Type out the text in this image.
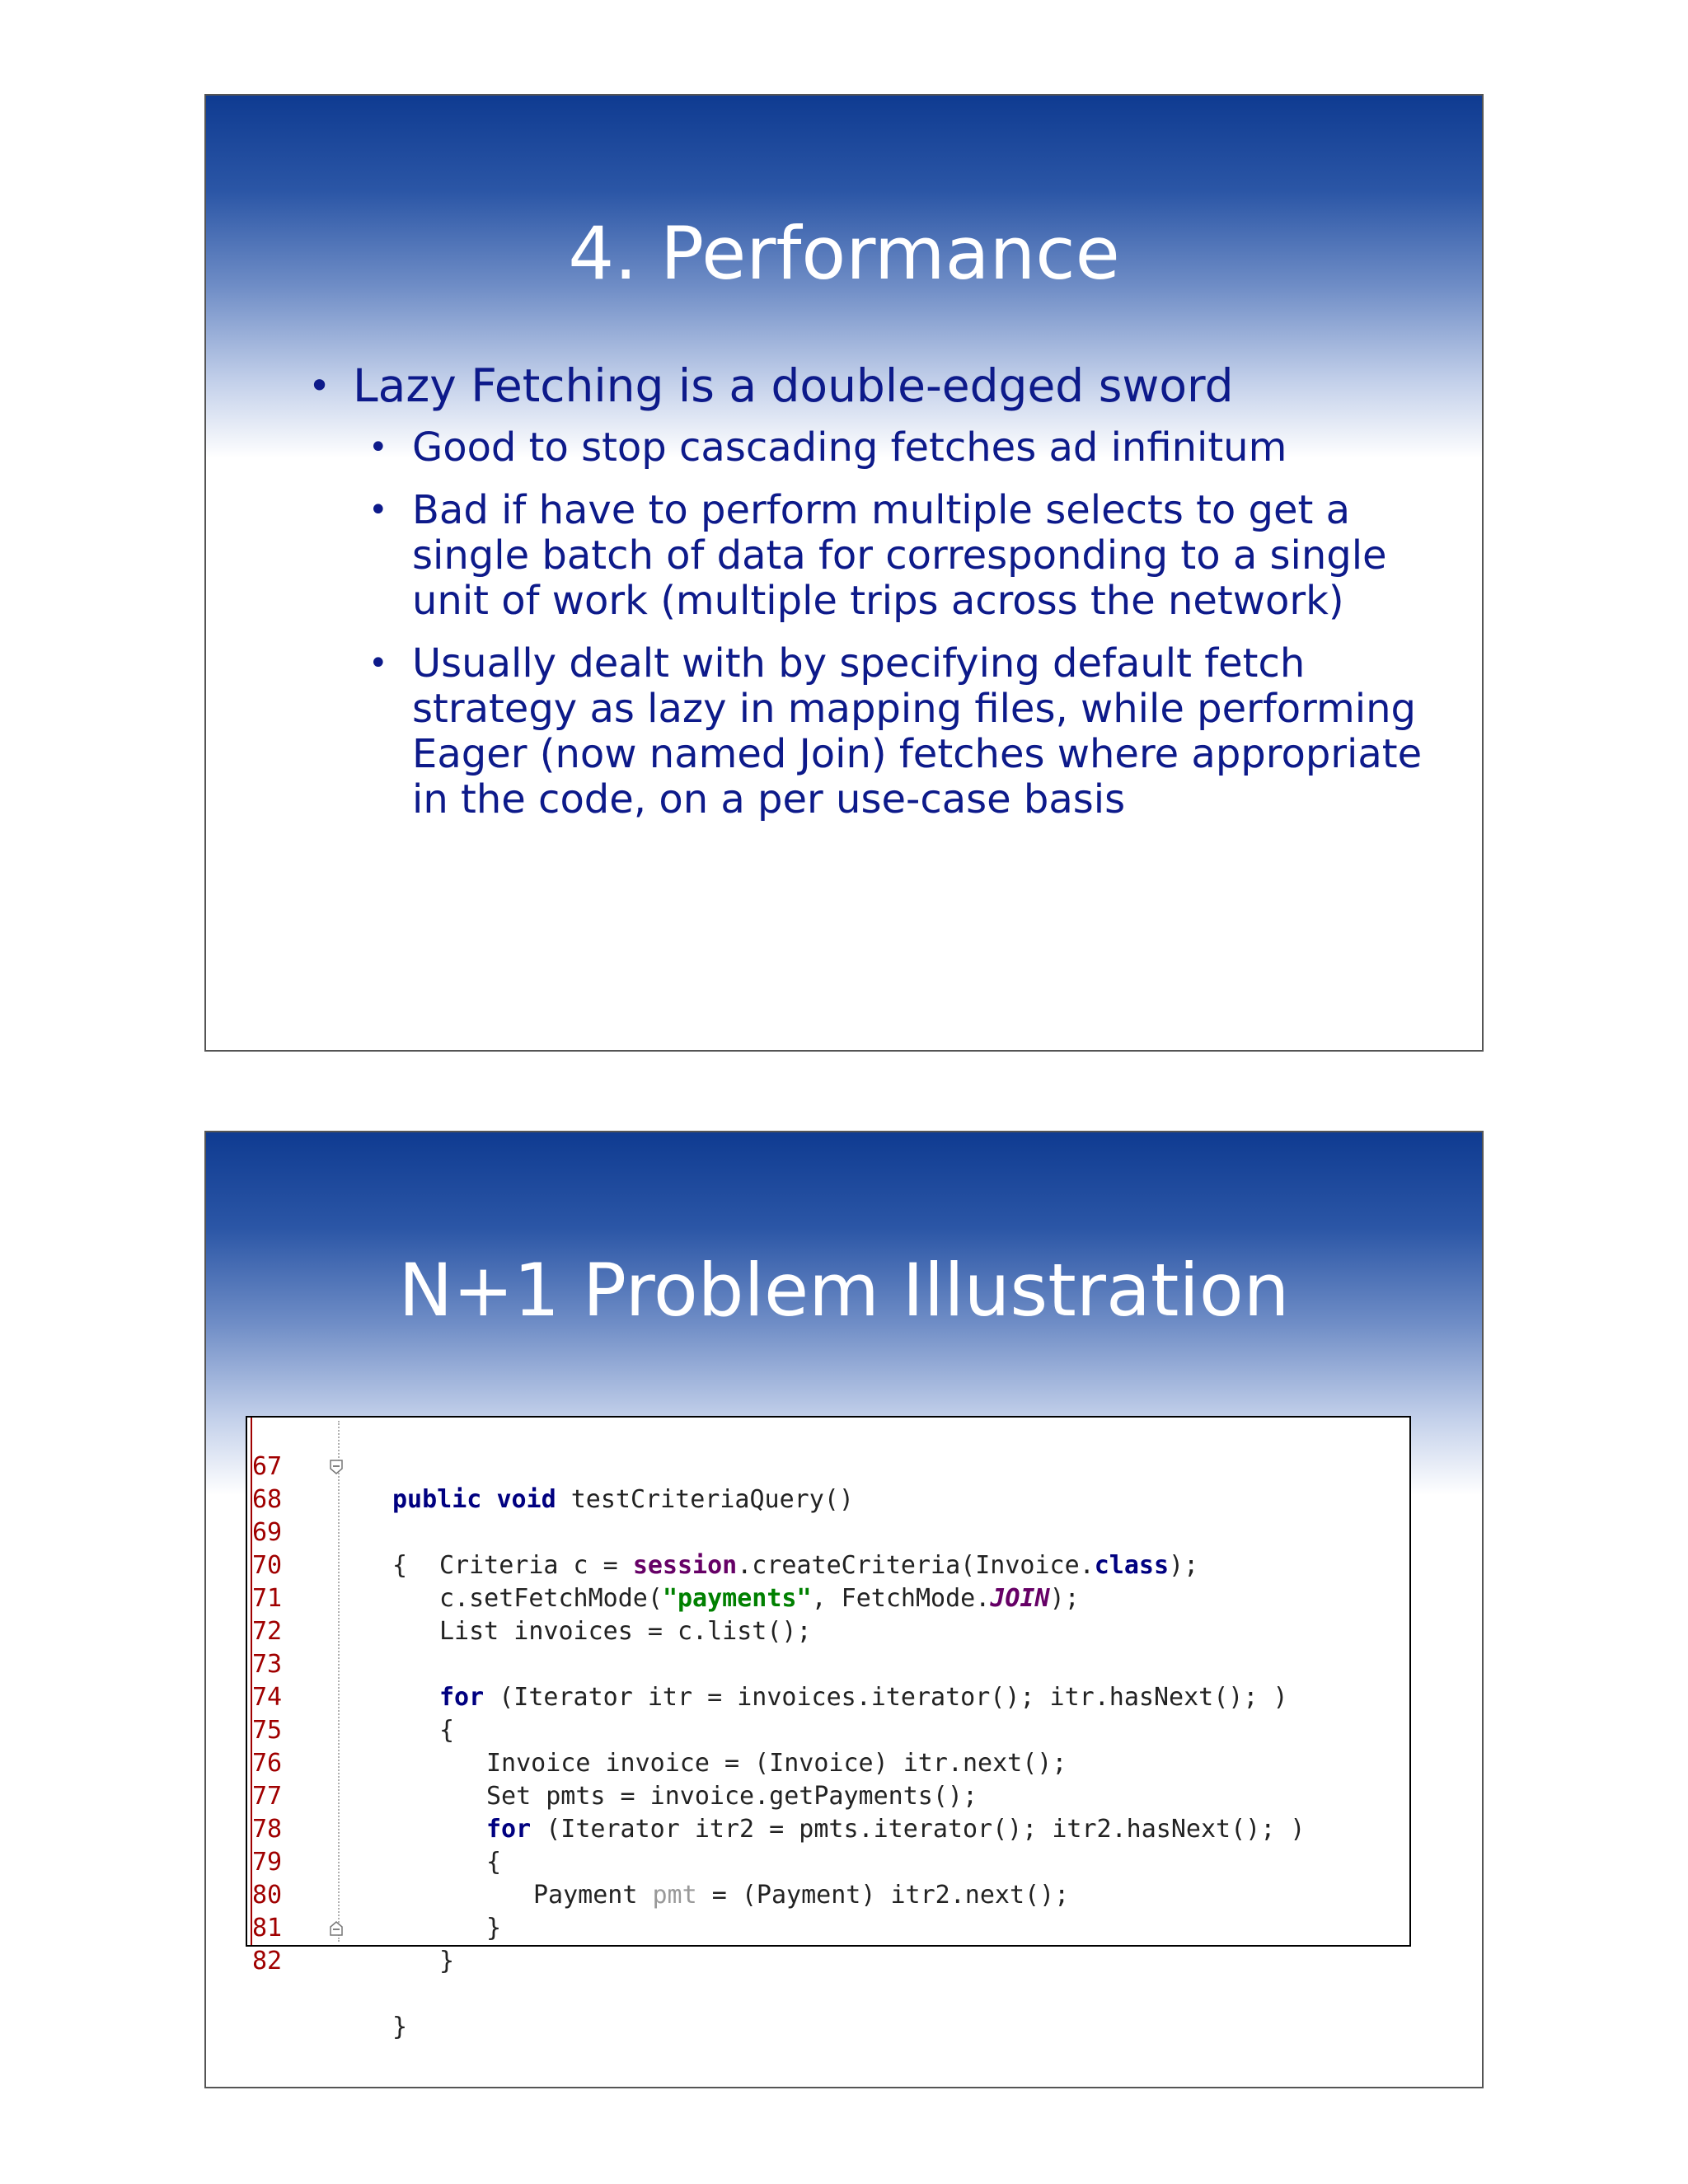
4. Performance
• Lazy Fetching is a double-edged sword
• Good to stop cascading fetches ad infinitum
• Bad if have to perform multiple selects to get a single batch of data for corresponding to a single unit of work (multiple trips across the network)
• Usually dealt with by specifying default fetch strategy as lazy in mapping files, while performing Eager (now named Join) fetches where appropriate in the code, on a per use-case basis
N+1 Problem Illustration

67

public void testCriteriaQuery()

68

{

69

Criteria c = session.createCriteria(Invoice.class);

70

c.setFetchMode("payments", FetchMode.JOIN);

71

List invoices = c.list();

72

73

for (Iterator itr = invoices.iterator(); itr.hasNext(); )

74

{

75

Invoice invoice = (Invoice) itr.next();

76

Set pmts = invoice.getPayments();

77

for (Iterator itr2 = pmts.iterator(); itr2.hasNext(); )

78

{

79

Payment pmt = (Payment) itr2.next();

80

}

81

}

82

}
